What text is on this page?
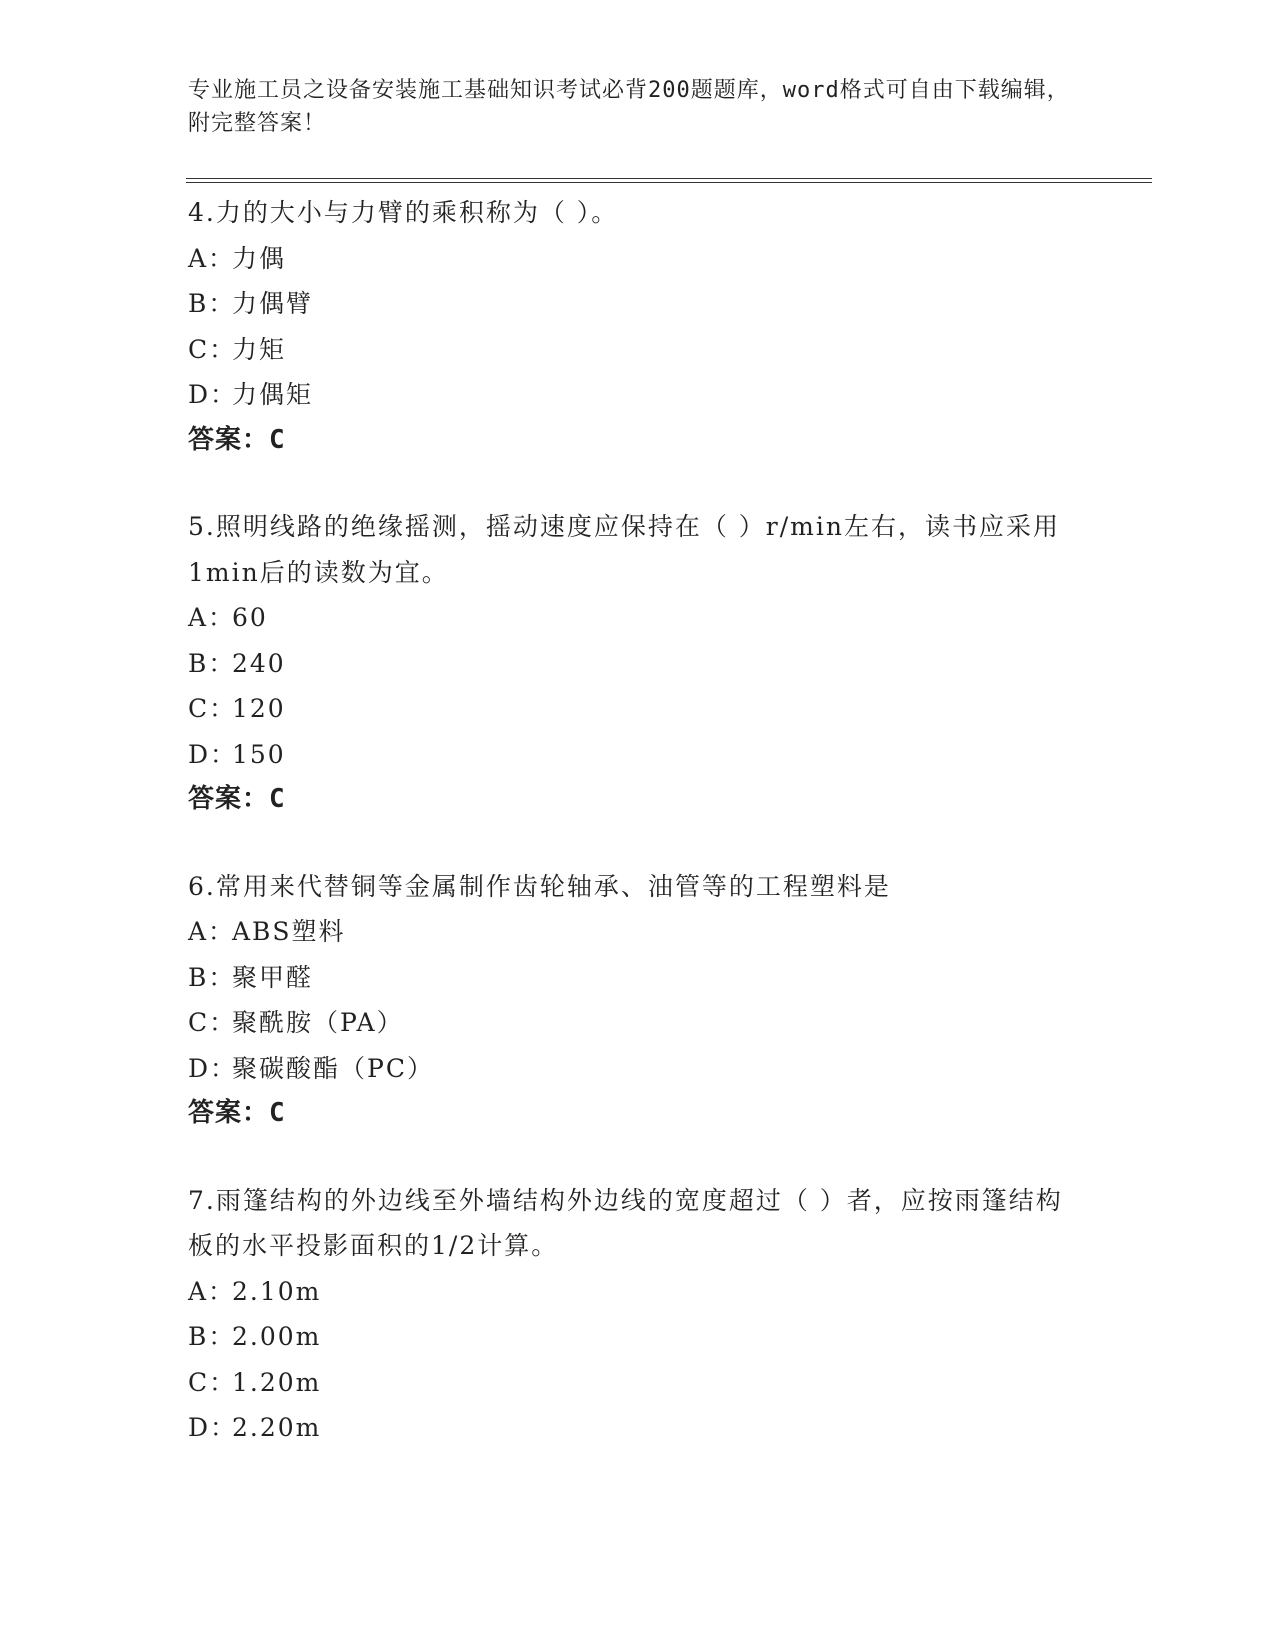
专业施工员之设备安装施工基础知识考试必背200题题库，word格式可自由下载编辑，附完整答案！

4.力的大小与力臂的乘积称为（ ）。

A：力偶

B：力偶臂

C：力矩

D：力偶矩

答案：C

5.照明线路的绝缘摇测，摇动速度应保持在（ ）r/min左右，读书应采用1min后的读数为宜。

A：60

B：240

C：120

D：150

答案：C

6.常用来代替铜等金属制作齿轮轴承、油管等的工程塑料是

A：ABS塑料

B：聚甲醛

C：聚酰胺（PA）

D：聚碳酸酯（PC）

答案：C

7.雨篷结构的外边线至外墙结构外边线的宽度超过（ ）者，应按雨篷结构板的水平投影面积的1/2计算。

A：2.10m

B：2.00m

C：1.20m

D：2.20m
